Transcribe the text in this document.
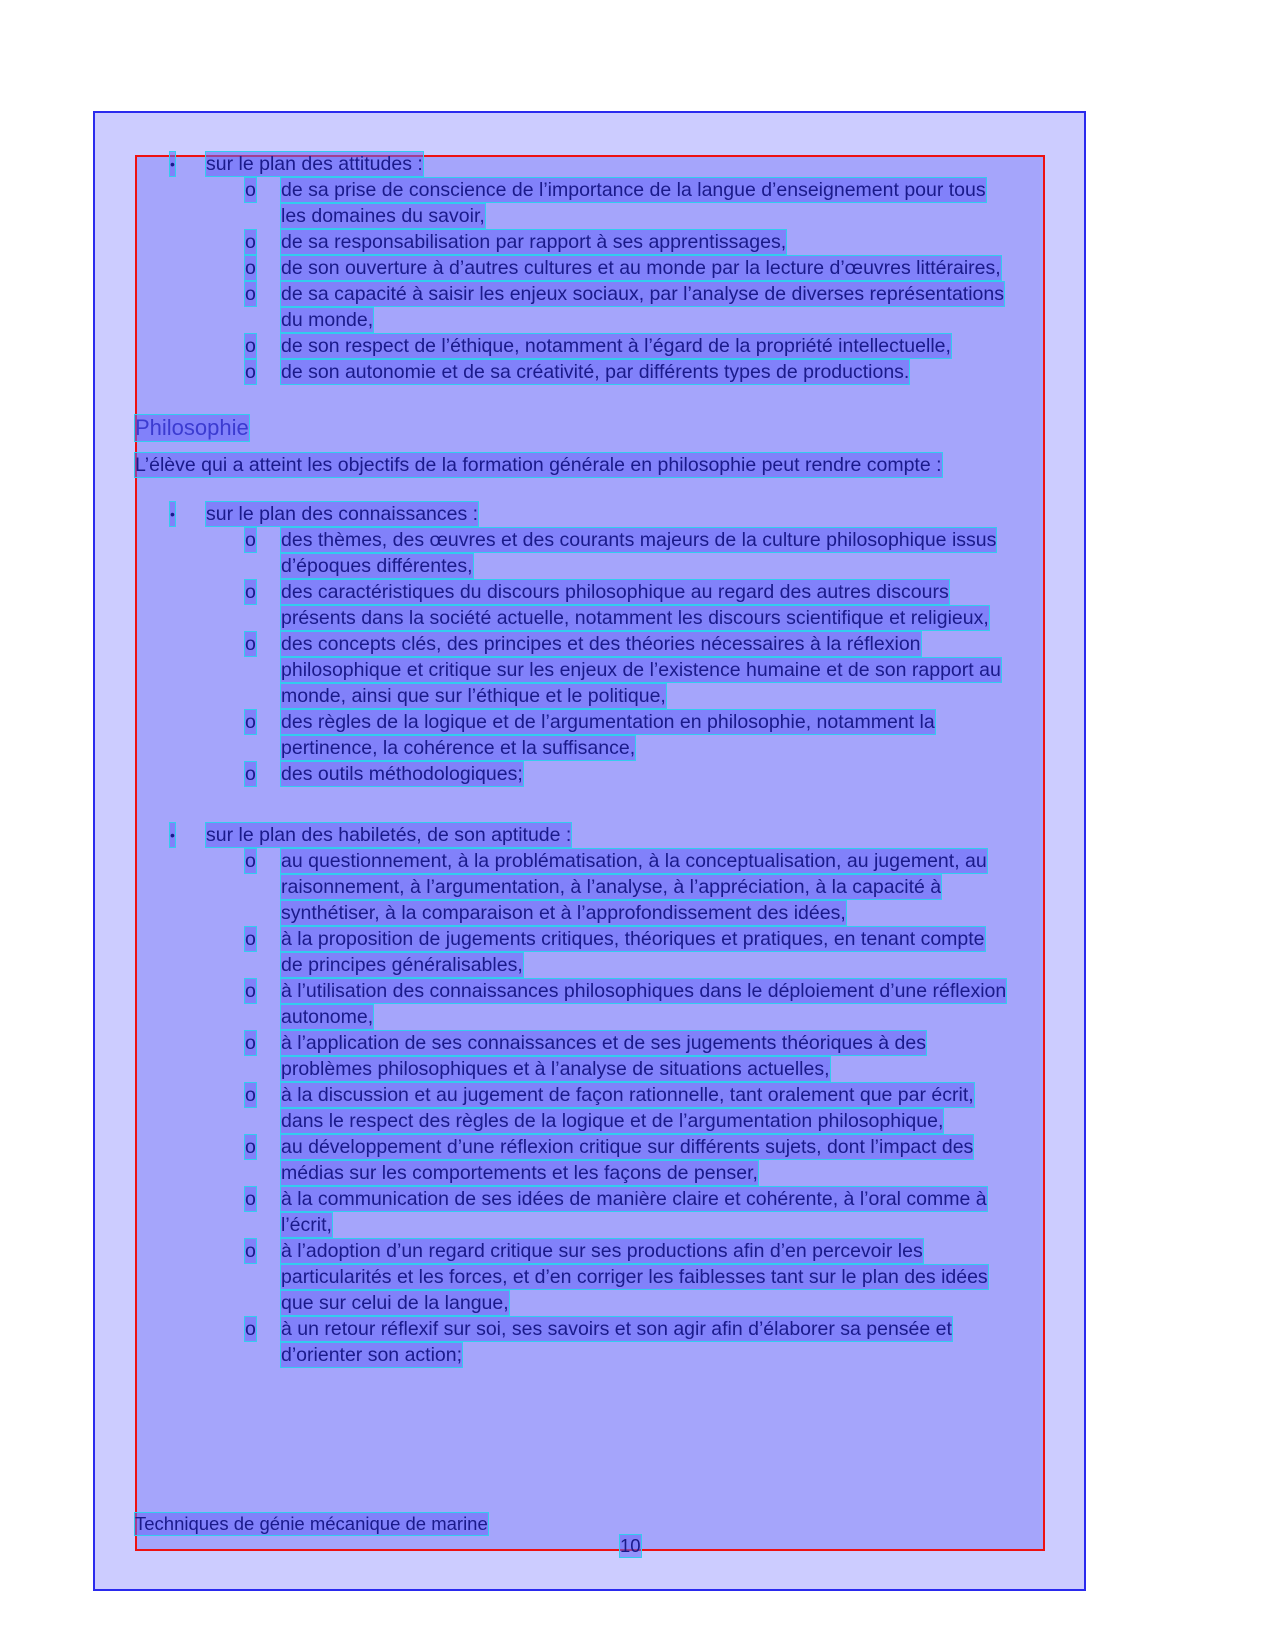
Philosophie
L’élève qui a atteint les objectifs de la formation générale en philosophie peut rendre compte :
Techniques de génie mécanique de marine
10
• sur le plan des attitudes :
o de sa prise de conscience de l’importance de la langue d’enseignement pour tous
les domaines du savoir,
o de sa responsabilisation par rapport à ses apprentissages,
o de son ouverture à d’autres cultures et au monde par la lecture d’œuvres littéraires,
o de sa capacité à saisir les enjeux sociaux, par l’analyse de diverses représentations
du monde,
o de son respect de l’éthique, notamment à l’égard de la propriété intellectuelle,
o de son autonomie et de sa créativité, par différents types de productions.
• sur le plan des connaissances :
o des thèmes, des œuvres et des courants majeurs de la culture philosophique issus
d’époques différentes,
o des caractéristiques du discours philosophique au regard des autres discours
présents dans la société actuelle, notamment les discours scientifique et religieux,
o des concepts clés, des principes et des théories nécessaires à la réflexion
philosophique et critique sur les enjeux de l’existence humaine et de son rapport au
monde, ainsi que sur l’éthique et le politique,
o des règles de la logique et de l’argumentation en philosophie, notamment la
pertinence, la cohérence et la suffisance,
o des outils méthodologiques;
• sur le plan des habiletés, de son aptitude :
o au questionnement, à la problématisation, à la conceptualisation, au jugement, au
raisonnement, à l’argumentation, à l’analyse, à l’appréciation, à la capacité à
synthétiser, à la comparaison et à l’approfondissement des idées,
o à la proposition de jugements critiques, théoriques et pratiques, en tenant compte
de principes généralisables,
o à l’utilisation des connaissances philosophiques dans le déploiement d’une réflexion
autonome,
o à l’application de ses connaissances et de ses jugements théoriques à des
problèmes philosophiques et à l’analyse de situations actuelles,
o à la discussion et au jugement de façon rationnelle, tant oralement que par écrit,
dans le respect des règles de la logique et de l’argumentation philosophique,
o au développement d’une réflexion critique sur différents sujets, dont l’impact des
médias sur les comportements et les façons de penser,
o à la communication de ses idées de manière claire et cohérente, à l’oral comme à
l’écrit,
o à l’adoption d’un regard critique sur ses productions afin d’en percevoir les
particularités et les forces, et d’en corriger les faiblesses tant sur le plan des idées
que sur celui de la langue,
o à un retour réflexif sur soi, ses savoirs et son agir afin d’élaborer sa pensée et
d’orienter son action;
